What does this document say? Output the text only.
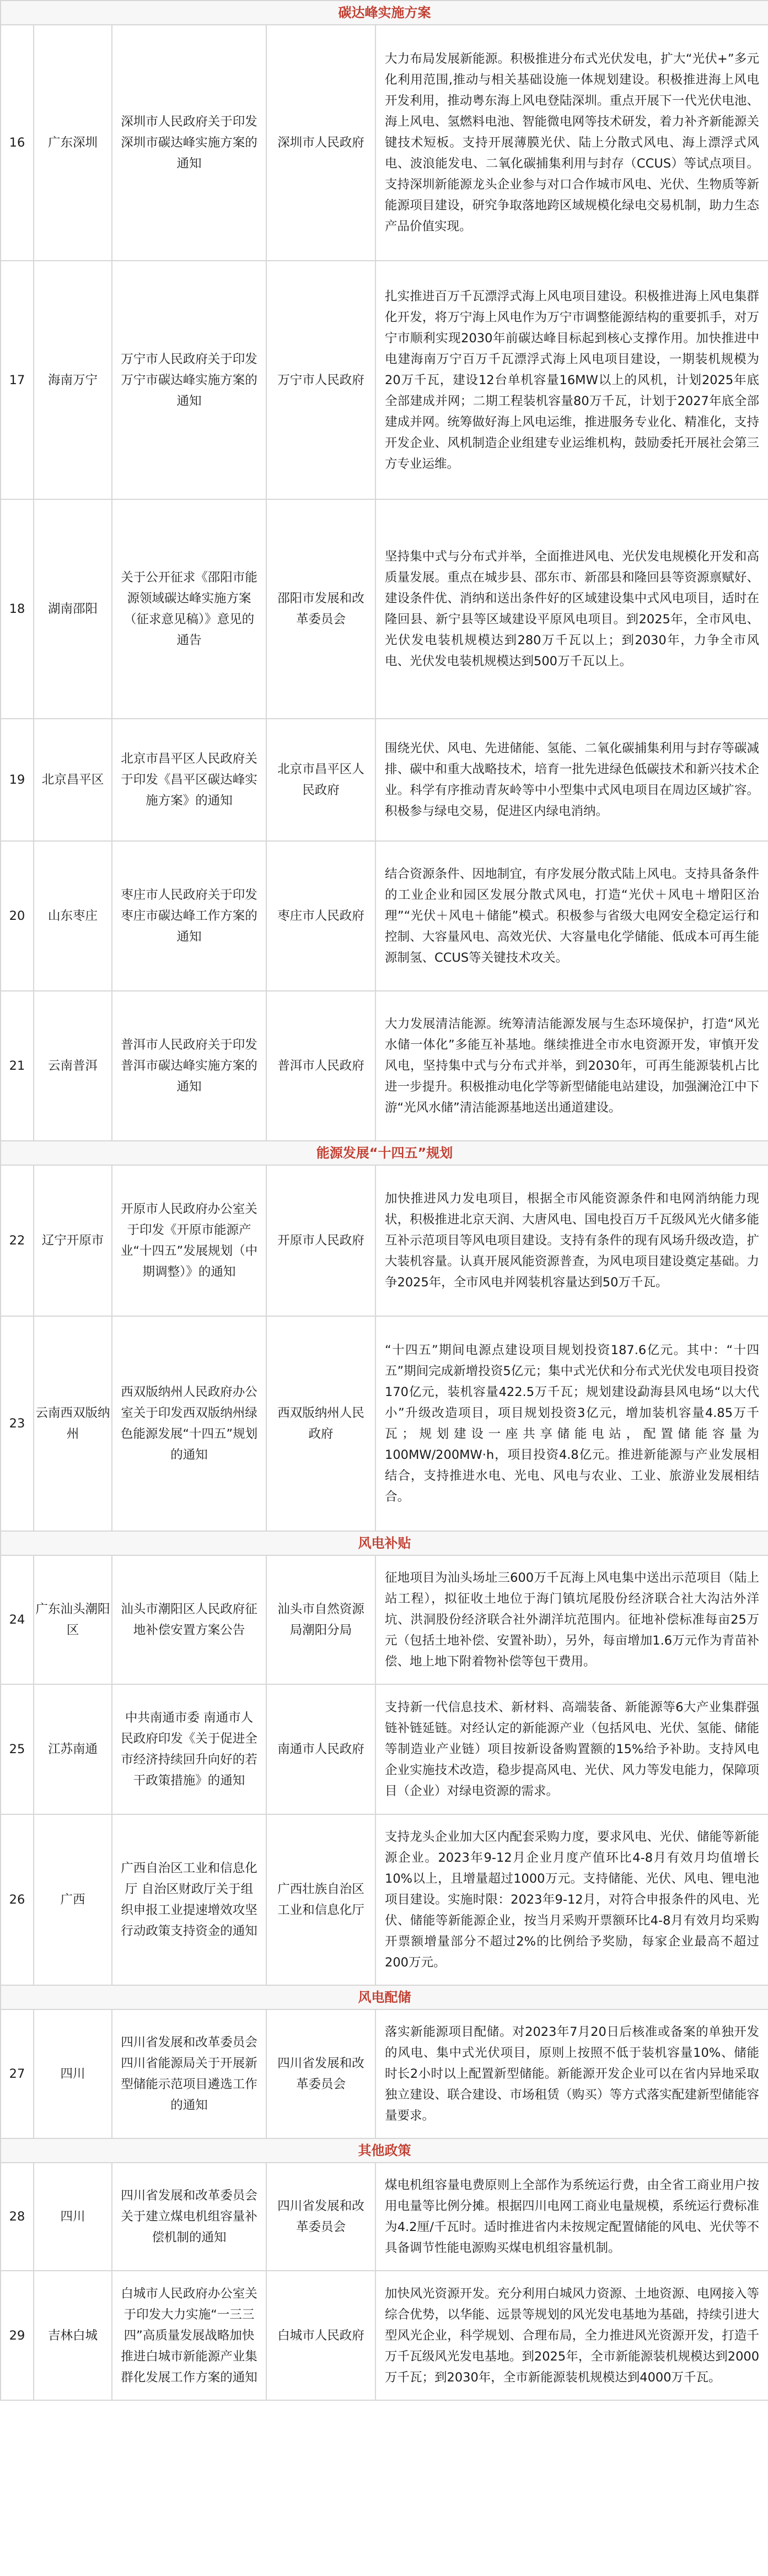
碳达峰实施方案				
16	广东深圳	深圳市人民政府关于印发深圳市碳达峰实施方案的通知	深圳市人民政府	大力布局发展新能源。积极推进分布式光伏发电，扩大“光伏+”多元化利用范围,推动与相关基础设施一体规划建设。积极推进海上风电开发利用，推动粤东海上风电登陆深圳。重点开展下一代光伏电池、海上风电、氢燃料电池、智能微电网等技术研发，着力补齐新能源关键技术短板。支持开展薄膜光伏、陆上分散式风电、海上漂浮式风电、波浪能发电、二氧化碳捕集利用与封存（CCUS）等试点项目。支持深圳新能源龙头企业参与对口合作城市风电、光伏、生物质等新能源项目建设，研究争取落地跨区域规模化绿电交易机制，助力生态产品价值实现。
17	海南万宁	万宁市人民政府关于印发万宁市碳达峰实施方案的通知	万宁市人民政府	扎实推进百万千瓦漂浮式海上风电项目建设。积极推进海上风电集群化开发，将万宁海上风电作为万宁市调整能源结构的重要抓手，对万宁市顺利实现2030年前碳达峰目标起到核心支撑作用。加快推进中电建海南万宁百万千瓦漂浮式海上风电项目建设，一期装机规模为20万千瓦，建设12台单机容量16MW以上的风机，计划2025年底全部建成并网；二期工程装机容量80万千瓦，计划于2027年底全部建成并网。统筹做好海上风电运维，推进服务专业化、精准化，支持开发企业、风机制造企业组建专业运维机构，鼓励委托开展社会第三方专业运维。
18	湖南邵阳	关于公开征求《邵阳市能源领域碳达峰实施方案（征求意见稿）》意见的通告	邵阳市发展和改革委员会	坚持集中式与分布式并举，全面推进风电、光伏发电规模化开发和高质量发展。重点在城步县、邵东市、新邵县和隆回县等资源禀赋好、建设条件优、消纳和送出条件好的区域建设集中式风电项目，适时在隆回县、新宁县等区域建设平原风电项目。到2025年，全市风电、光伏发电装机规模达到280万千瓦以上；到2030年，力争全市风电、光伏发电装机规模达到500万千瓦以上。
19	北京昌平区	北京市昌平区人民政府关于印发《昌平区碳达峰实施方案》的通知	北京市昌平区人民政府	围绕光伏、风电、先进储能、氢能、二氧化碳捕集利用与封存等碳减排、碳中和重大战略技术，培育一批先进绿色低碳技术和新兴技术企业。科学有序推动青灰岭等中小型集中式风电项目在周边区域扩容。积极参与绿电交易，促进区内绿电消纳。
20	山东枣庄	枣庄市人民政府关于印发枣庄市碳达峰工作方案的通知	枣庄市人民政府	结合资源条件、因地制宜，有序发展分散式陆上风电。支持具备条件的工业企业和园区发展分散式风电，打造“光伏＋风电＋增阳区治理”“光伏＋风电＋储能”模式。积极参与省级大电网安全稳定运行和控制、大容量风电、高效光伏、大容量电化学储能、低成本可再生能源制氢、CCUS等关键技术攻关。
21	云南普洱	普洱市人民政府关于印发普洱市碳达峰实施方案的通知	普洱市人民政府	大力发展清洁能源。统筹清洁能源发展与生态环境保护，打造“风光水储一体化”多能互补基地。继续推进全市水电资源开发，审慎开发风电，坚持集中式与分布式并举，到2030年，可再生能源装机占比进一步提升。积极推动电化学等新型储能电站建设，加强澜沧江中下游“光风水储”清洁能源基地送出通道建设。
能源发展“十四五”规划				
22	辽宁开原市	开原市人民政府办公室关于印发《开原市能源产业“十四五”发展规划（中期调整）》的通知	开原市人民政府	加快推进风力发电项目，根据全市风能资源条件和电网消纳能力现状，积极推进北京天润、大唐风电、国电投百万千瓦级风光火储多能互补示范项目等风电项目建设。支持有条件的现有风场升级改造，扩大装机容量。认真开展风能资源普查，为风电项目建设奠定基础。力争2025年，全市风电并网装机容量达到50万千瓦。
23	云南西双版纳州	西双版纳州人民政府办公室关于印发西双版纳州绿色能源发展“十四五”规划的通知	西双版纳州人民政府	“十四五”期间电源点建设项目规划投资187.6亿元。其中：“十四五”期间完成新增投资5亿元；集中式光伏和分布式光伏发电项目投资170亿元，装机容量422.5万千瓦；规划建设勐海县风电场“以大代小”升级改造项目，项目规划投资3亿元，增加装机容量4.85万千瓦；规划建设一座共享储能电站，配置储能容量为100MW/200MW·h，项目投资4.8亿元。推进新能源与产业发展相结合，支持推进水电、光电、风电与农业、工业、旅游业发展相结合。
风电补贴				
24	广东汕头潮阳区	汕头市潮阳区人民政府征地补偿安置方案公告	汕头市自然资源局潮阳分局	征地项目为汕头场址三600万千瓦海上风电集中送出示范项目（陆上站工程），拟征收土地位于海门镇坑尾股份经济联合社大沟沽外洋坑、洪洞股份经济联合社外湖洋坑范围内。征地补偿标准每亩25万元（包括土地补偿、安置补助），另外，每亩增加1.6万元作为青苗补偿、地上地下附着物补偿等包干费用。
25	江苏南通	中共南通市委 南通市人民政府印发《关于促进全市经济持续回升向好的若干政策措施》的通知	南通市人民政府	支持新一代信息技术、新材料、高端装备、新能源等6大产业集群强链补链延链。对经认定的新能源产业（包括风电、光伏、氢能、储能等制造业产业链）项目按新设备购置额的15%给予补助。支持风电企业实施技术改造，稳步提高风电、光伏、风力等发电能力，保障项目（企业）对绿电资源的需求。
26	广西	广西自治区工业和信息化厅 自治区财政厅关于组织申报工业提速增效攻坚行动政策支持资金的通知	广西壮族自治区工业和信息化厅	支持龙头企业加大区内配套采购力度，要求风电、光伏、储能等新能源企业。2023年9-12月企业月度产值环比4-8月有效月均值增长10%以上，且增量超过1000万元。支持储能、光伏、风电、锂电池项目建设。实施时限：2023年9-12月，对符合申报条件的风电、光伏、储能等新能源企业，按当月采购开票额环比4-8月有效月均采购开票额增量部分不超过2%的比例给予奖励，每家企业最高不超过200万元。
风电配储				
27	四川	四川省发展和改革委员会 四川省能源局关于开展新型储能示范项目遴选工作的通知	四川省发展和改革委员会	落实新能源项目配储。对2023年7月20日后核准或备案的单独开发的风电、集中式光伏项目，原则上按照不低于装机容量10%、储能时长2小时以上配置新型储能。新能源开发企业可以在省内异地采取独立建设、联合建设、市场租赁（购买）等方式落实配建新型储能容量要求。
其他政策				
28	四川	四川省发展和改革委员会关于建立煤电机组容量补偿机制的通知	四川省发展和改革委员会	煤电机组容量电费原则上全部作为系统运行费，由全省工商业用户按用电量等比例分摊。根据四川电网工商业电量规模，系统运行费标准为4.2厘/千瓦时。适时推进省内未按规定配置储能的风电、光伏等不具备调节性能电源购买煤电机组容量机制。
29	吉林白城	白城市人民政府办公室关于印发大力实施“一三三四”高质量发展战略加快推进白城市新能源产业集群化发展工作方案的通知	白城市人民政府	加快风光资源开发。充分利用白城风力资源、土地资源、电网接入等综合优势，以华能、远景等规划的风光发电基地为基础，持续引进大型风光企业，科学规划、合理布局，全力推进风光资源开发，打造千万千瓦级风光发电基地。到2025年，全市新能源装机规模达到2000万千瓦；到2030年，全市新能源装机规模达到4000万千瓦。
